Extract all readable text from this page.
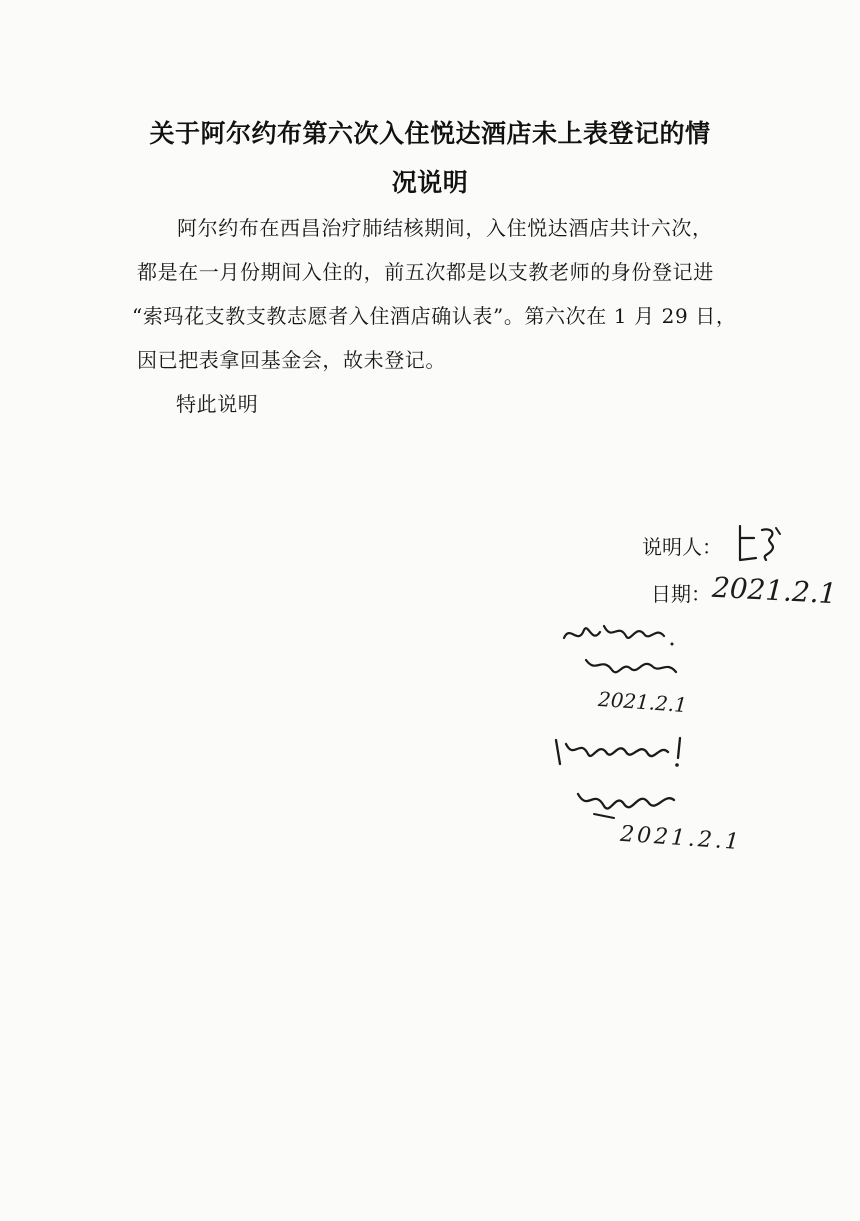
关于阿尔约布第六次入住悦达酒店未上表登记的情
况说明
阿尔约布在西昌治疗肺结核期间，入住悦达酒店共计六次，
都是在一月份期间入住的，前五次都是以支教老师的身份登记进
“索玛花支教支教志愿者入住酒店确认表”。第六次在 1 月 29 日，
因已把表拿回基金会，故未登记。
特此说明
说明人：
日期： 2021.2.1
2021.2.1
2021.2.1
